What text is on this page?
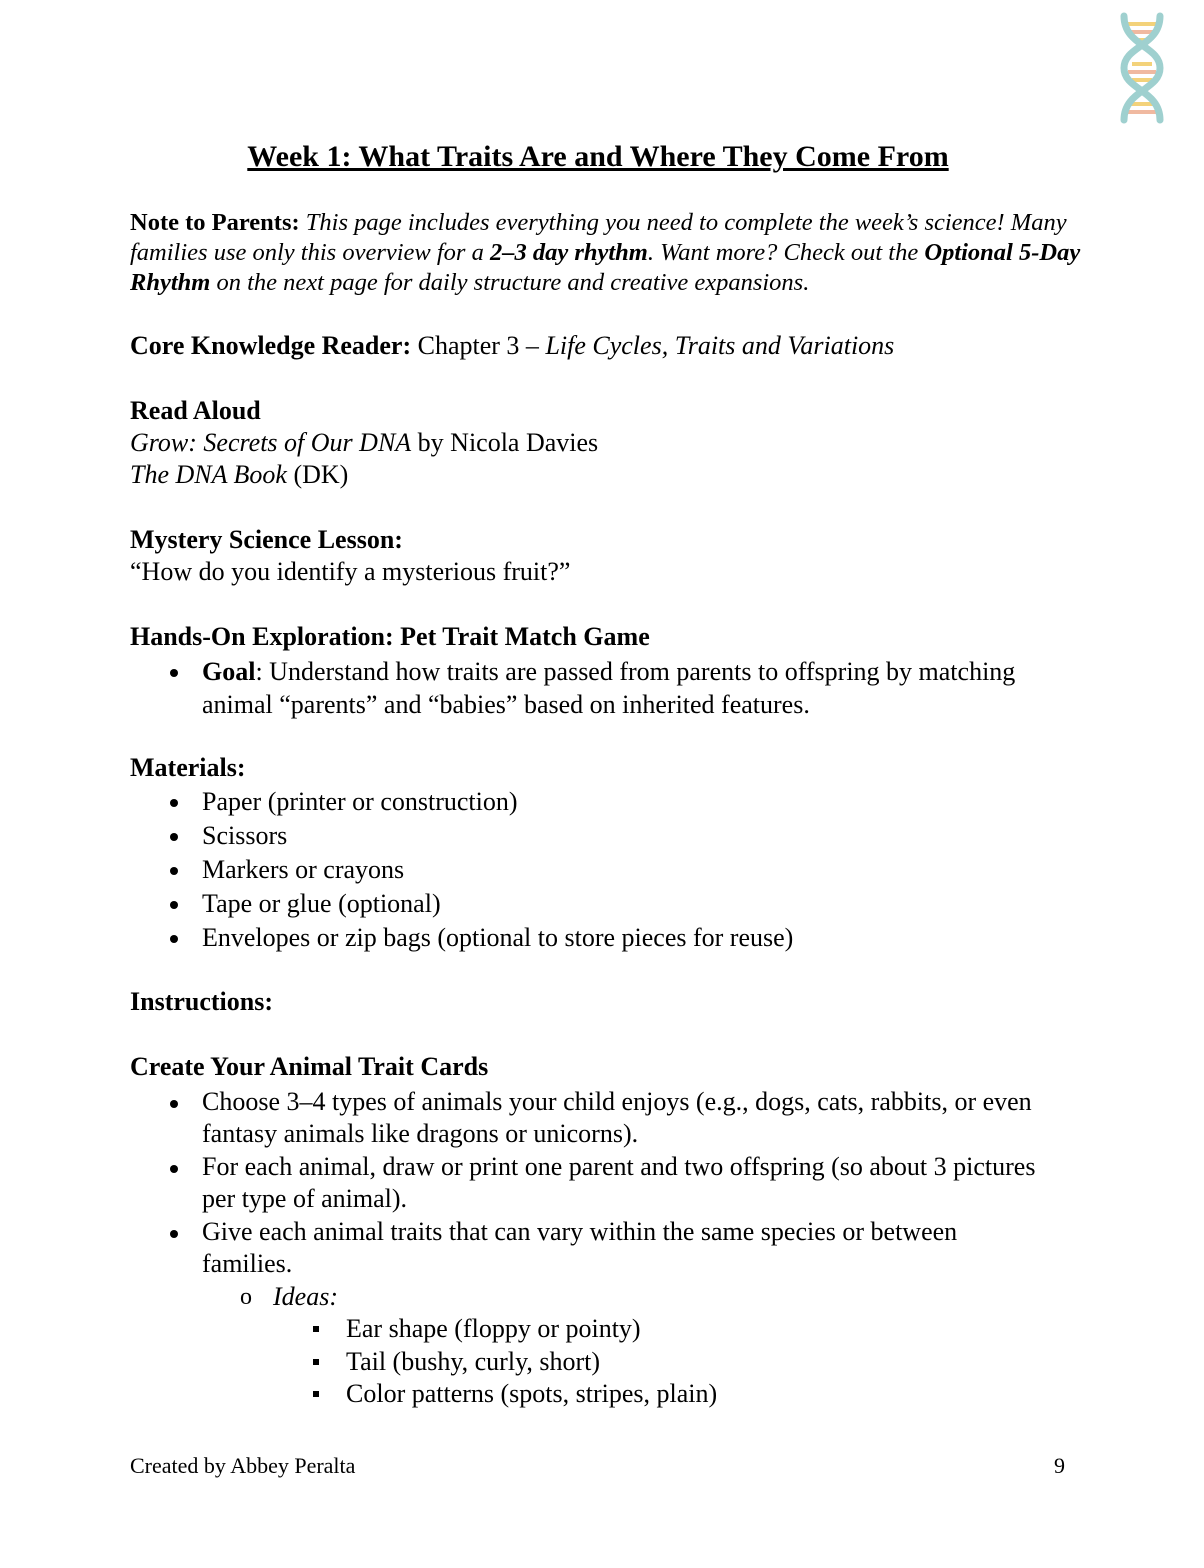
Week 1: What Traits Are and Where They Come From
Note to Parents: This page includes everything you need to complete the week’s science! Many families use only this overview for a 2–3 day rhythm. Want more? Check out the Optional 5-Day Rhythm on the next page for daily structure and creative expansions.
Core Knowledge Reader: Chapter 3 – Life Cycles, Traits and Variations
Read Aloud
Grow: Secrets of Our DNA by Nicola Davies
The DNA Book (DK)
Mystery Science Lesson:
“How do you identify a mysterious fruit?”
Hands-On Exploration: Pet Trait Match Game
Goal: Understand how traits are passed from parents to offspring by matching animal “parents” and “babies” based on inherited features.
Materials:
Paper (printer or construction)
Scissors
Markers or crayons
Tape or glue (optional)
Envelopes or zip bags (optional to store pieces for reuse)
Instructions:
Create Your Animal Trait Cards
Choose 3–4 types of animals your child enjoys (e.g., dogs, cats, rabbits, or even fantasy animals like dragons or unicorns).
For each animal, draw or print one parent and two offspring (so about 3 pictures per type of animal).
Give each animal traits that can vary within the same species or between families.
o Ideas:
Ear shape (floppy or pointy)
Tail (bushy, curly, short)
Color patterns (spots, stripes, plain)
Created by Abbey Peralta	9
